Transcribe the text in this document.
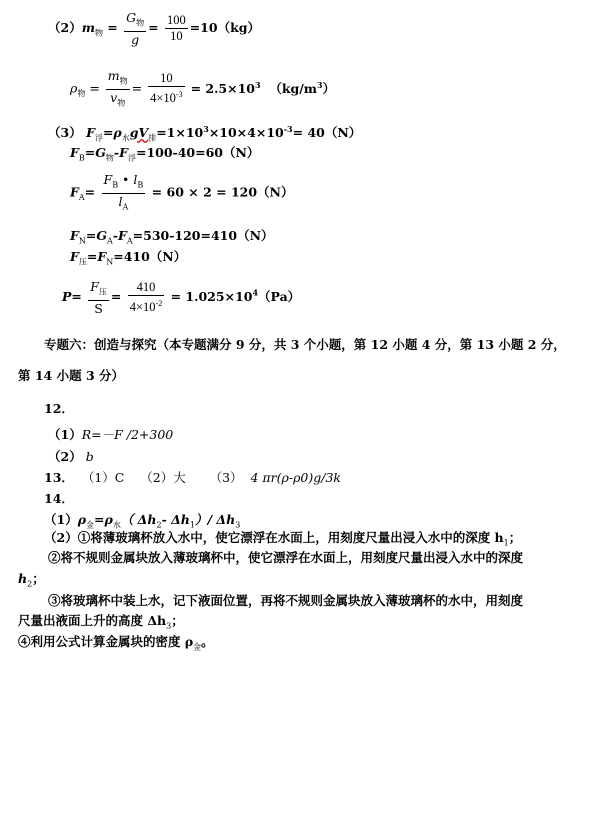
$(2)m_物 = \frac{G_物}{g} = \frac{100}{10} =10(kg)$
$\rho_物 = \frac{m_物}{v_物} = \frac{10}{4\times 10^{-3}} = 2.5\times 10^3$ $(kg/m^3)$
（3） $F_浮=\rho_水gV_排=1\times 10^3\times 10\times 4\times 10^{-3}= 40(N)$
$F_B=G_物-F_浮=100-40=60(N)$
$F_A= \frac{F_B • l_B}{l_A} = 60 \times 2 = 120(N)$
$F_N=G_A-F_A=530-120=410(N)$
$F_压=F_N=410(N)$
$P= \frac{F_压}{S} = \frac{410}{4\times 10^{-2}} = 1.025\times 10^4(Pa)$
专题六：创造与探究（本专题满分 9 分，共 3 个小题，第 12 小题 4 分，第 13 小题 2 分，
第 14 小题 3 分）
12．
（1）R=－F /2+300
（2） b
13． （1）C （2）大 （3） 4 πr(ρ-ρ0)g/3k
14．
$(1)\rho_金=\rho_水$（ $\Delta h_2-$ $\Delta h_1)/$ $\Delta h_3$
（2）①将薄玻璃杯放入水中，使它漂浮在水面上，用刻度尺量出浸入水中的深度 $h_1$；
②将不规则金属块放入薄玻璃杯中，使它漂浮在水面上，用刻度尺量出浸入水中的深度
$h_2$；
③将玻璃杯中装上水，记下液面位置，再将不规则金属块放入薄玻璃杯的水中，用刻度
尺量出液面上升的高度 $\Delta h_3$；
④利用公式计算金属块的密度 $\rho_金$。
